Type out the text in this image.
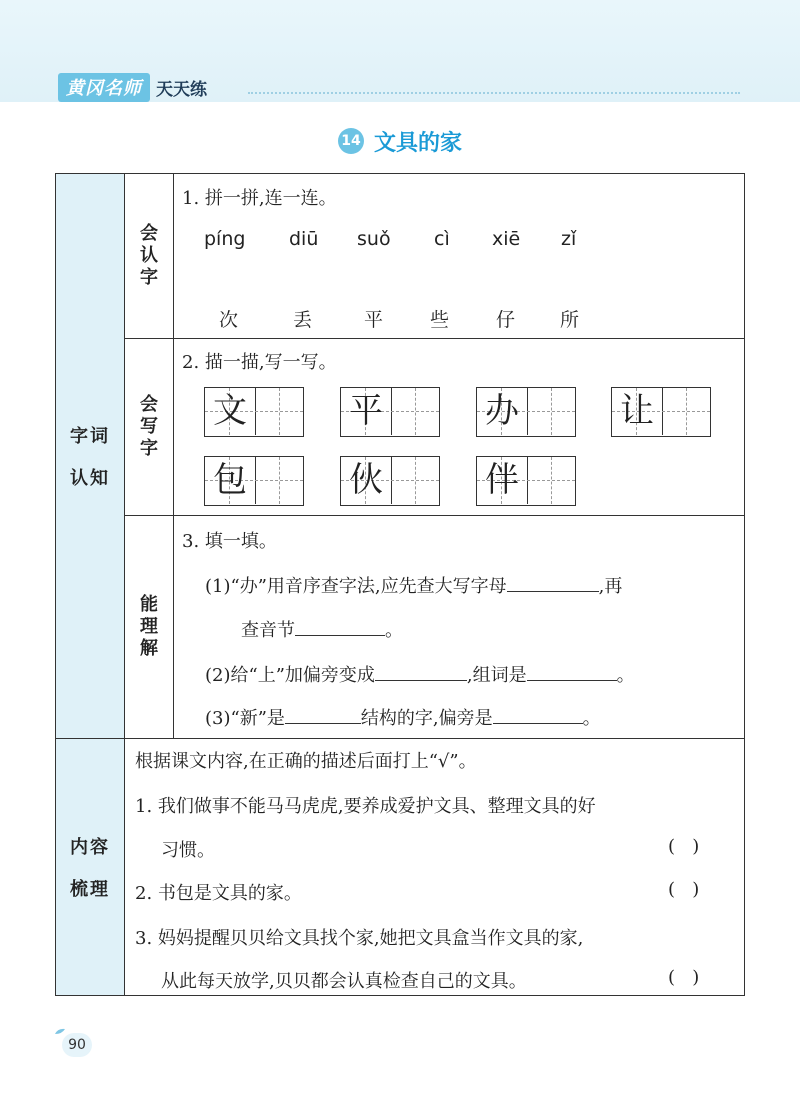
黄冈名师 天天练
14 文具的家
字词
认知
会认字
会写字
能理解
1. 拼一拼,连一连。
píng diū suǒ cì xiē zǐ
次	丢	平 些 仔 所
2. 描一描,写一写。
文	平	办	让
包	伙	伴
3. 填一填。
(1)“办”用音序查字法,应先查大写字母	,再
查音节	。
(2)给“上”加偏旁变成	,组词是	。
(3)“新”是	结构的字,偏旁是	。
内容
梳理
根据课文内容,在正确的描述后面打上“√”。
1. 我们做事不能马马虎虎,要养成爱护文具、整理文具的好
习惯。	(   )
2. 书包是文具的家。	(   )
3. 妈妈提醒贝贝给文具找个家,她把文具盒当作文具的家,
从此每天放学,贝贝都会认真检查自己的文具。	(   )
90
